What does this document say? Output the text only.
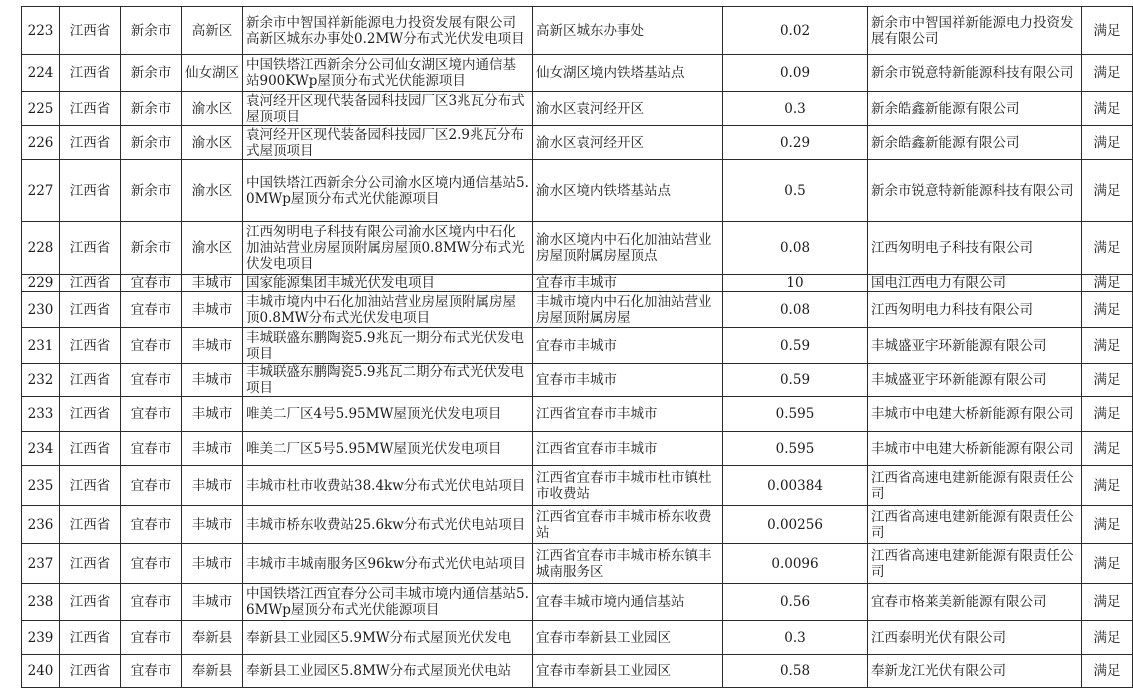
223	江西省	新余市	高新区	新余市中智国祥新能源电力投资发展有限公司高新区城东办事处0.2MW分布式光伏发电项目	高新区城东办事处	0.02	新余市中智国祥新能源电力投资发展有限公司	满足
224	江西省	新余市	仙女湖区	中国铁塔江西新余分公司仙女湖区境内通信基站900KWp屋顶分布式光伏能源项目	仙女湖区境内铁塔基站点	0.09	新余市锐意特新能源科技有限公司	满足
225	江西省	新余市	渝水区	袁河经开区现代装备园科技园厂区3兆瓦分布式屋顶项目	渝水区袁河经开区	0.3	新余皓鑫新能源有限公司	满足
226	江西省	新余市	渝水区	袁河经开区现代装备园科技园厂区2.9兆瓦分布式屋顶项目	渝水区袁河经开区	0.29	新余皓鑫新能源有限公司	满足
227	江西省	新余市	渝水区	中国铁塔江西新余分公司渝水区境内通信基站5.0MWp屋顶分布式光伏能源项目	渝水区境内铁塔基站点	0.5	新余市锐意特新能源科技有限公司	满足
228	江西省	新余市	渝水区	江西匆明电子科技有限公司渝水区境内中石化加油站营业房屋顶附属房屋顶0.8MW分布式光伏发电项目	渝水区境内中石化加油站营业房屋顶附属房屋顶点	0.08	江西匆明电子科技有限公司	满足
229	江西省	宜春市	丰城市	国家能源集团丰城光伏发电项目	宜春市丰城市	10	国电江西电力有限公司	满足
230	江西省	宜春市	丰城市	丰城市境内中石化加油站营业房屋顶附属房屋顶0.8MW分布式光伏发电项目	丰城市境内中石化加油站营业房屋顶附属房屋	0.08	江西匆明电力科技有限公司	满足
231	江西省	宜春市	丰城市	丰城联盛东鹏陶瓷5.9兆瓦一期分布式光伏发电项目	宜春市丰城市	0.59	丰城盛亚宇环新能源有限公司	满足
232	江西省	宜春市	丰城市	丰城联盛东鹏陶瓷5.9兆瓦二期分布式光伏发电项目	宜春市丰城市	0.59	丰城盛亚宇环新能源有限公司	满足
233	江西省	宜春市	丰城市	唯美二厂区4号5.95MW屋顶光伏发电项目	江西省宜春市丰城市	0.595	丰城市中电建大桥新能源有限公司	满足
234	江西省	宜春市	丰城市	唯美二厂区5号5.95MW屋顶光伏发电项目	江西省宜春市丰城市	0.595	丰城市中电建大桥新能源有限公司	满足
235	江西省	宜春市	丰城市	丰城市杜市收费站38.4kw分布式光伏电站项目	江西省宜春市丰城市杜市镇杜市收费站	0.00384	江西省高速电建新能源有限责任公司	满足
236	江西省	宜春市	丰城市	丰城市桥东收费站25.6kw分布式光伏电站项目	江西省宜春市丰城市桥东收费站	0.00256	江西省高速电建新能源有限责任公司	满足
237	江西省	宜春市	丰城市	丰城市丰城南服务区96kw分布式光伏电站项目	江西省宜春市丰城市桥东镇丰城南服务区	0.0096	江西省高速电建新能源有限责任公司	满足
238	江西省	宜春市	丰城市	中国铁塔江西宜春分公司丰城市境内通信基站5.6MWp屋顶分布式光伏能源项目	宜春丰城市境内通信基站	0.56	宜春市格莱美新能源有限公司	满足
239	江西省	宜春市	奉新县	奉新县工业园区5.9MW分布式屋顶光伏发电	宜春市奉新县工业园区	0.3	江西泰明光伏有限公司	满足
240	江西省	宜春市	奉新县	奉新县工业园区5.8MW分布式屋顶光伏电站	宜春市奉新县工业园区	0.58	奉新龙江光伏有限公司	满足
